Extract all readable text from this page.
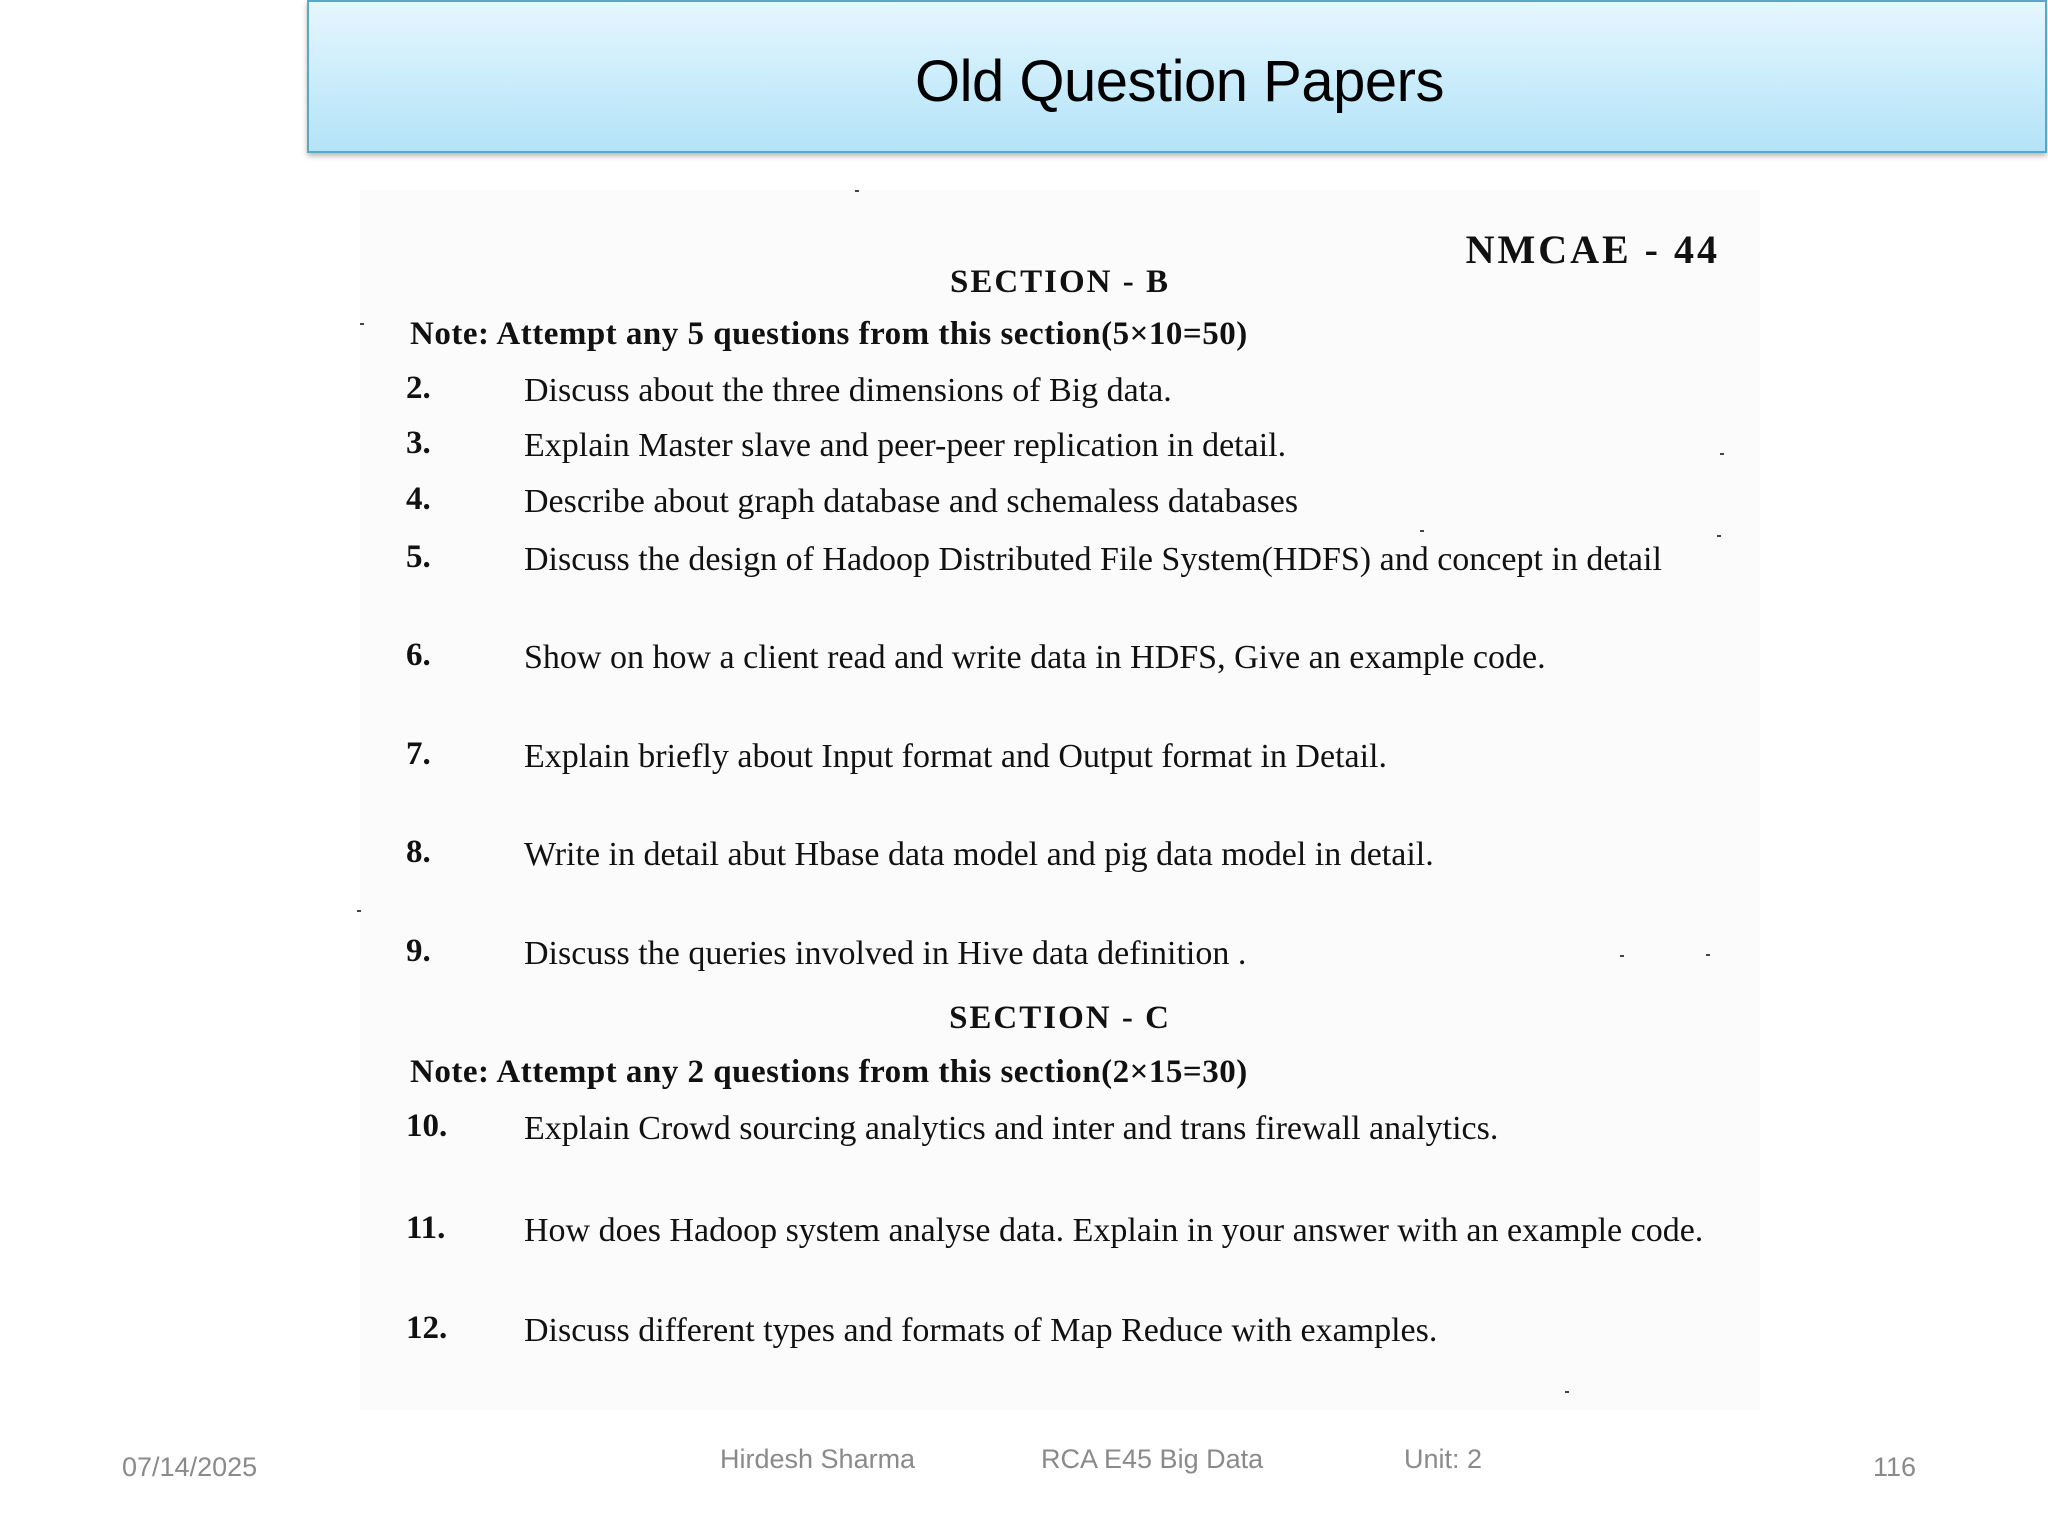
Old Question Papers
NMCAE - 44
SECTION - B
Note: Attempt any 5 questions from this section(5×10=50)
2.	Discuss about the three dimensions of Big data.
3.	Explain Master slave and peer-peer replication in detail.
4.	Describe about graph database and schemaless databases
5.	Discuss the design of Hadoop Distributed File System(HDFS) and concept in detail
6.	Show on how a client read and write data in HDFS, Give an example code.
7.	Explain briefly about Input format and Output format in Detail.
8.	Write in detail abut Hbase data model and pig data model in detail.
9.	Discuss the queries involved in Hive data definition .
SECTION - C
Note: Attempt any 2 questions from this section(2×15=30)
10. Explain Crowd sourcing analytics and inter and trans firewall analytics.
11. How does Hadoop system analyse data. Explain in your answer with an example code.
12. Discuss different types and formats of Map Reduce with examples.
07/14/2025	Hirdesh Sharma	RCA E45 Big Data	Unit: 2	116
